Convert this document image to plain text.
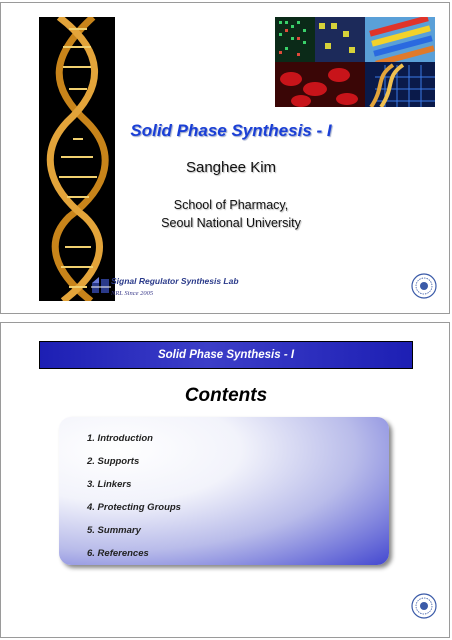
Solid Phase Synthesis - I
Sanghee Kim
School of Pharmacy,
Seoul National University
Signal Regulator Synthesis Lab
NRL Since 2005
Solid Phase Synthesis - I
Contents
1. Introduction
2. Supports
3. Linkers
4. Protecting Groups
5. Summary
6. References
